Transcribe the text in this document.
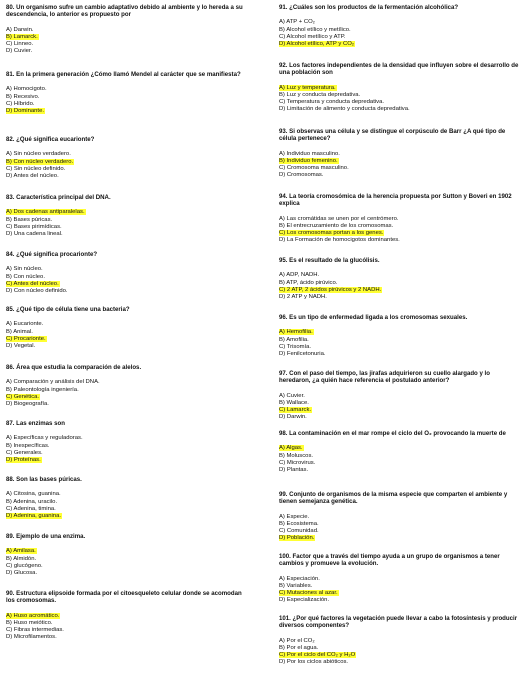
80. Un organismo sufre un cambio adaptativo debido al ambiente y lo hereda a su descendencia, lo anterior es propuesto por

A) Darwin.

B) Lamarck.

C) Linneo.

D) Cuvier.

81. En la primera generación ¿Cómo llamó Mendel al carácter que se manifiesta?

A) Homocigoto.

B) Recesivo.

C) Híbrido.

D) Dominante.

82. ¿Qué significa eucarionte?

A) Sin núcleo verdadero.

B) Con núcleo verdadero.

C) Sin núcleo definido.

D) Antes del núcleo.

83. Característica principal del DNA.

A) Dos cadenas antiparalelas.

B) Bases púricas.

C) Bases pirimídicas.

D) Una cadena lineal.

84. ¿Qué significa procarionte?

A) Sin núcleo.

B) Con núcleo.

C) Antes del núcleo.

D) Con núcleo definido.

85. ¿Qué tipo de célula tiene una bacteria?

A) Eucarionte.

B) Animal.

C) Procarionte.

D) Vegetal.

86. Área que estudia la comparación de alelos.

A) Comparación y análisis del DNA.

B) Paleontología ingeniería.

C) Genética.

D) Biogeografía.

87. Las enzimas son

A) Específicas y reguladoras.

B) Inespecíficas.

C) Generales.

D) Proteínas.

88. Son las bases púricas.

A) Citosina, guanina.

B) Adenina, uracilo.

C) Adenina, timina.

D) Adenina, guanina.

89. Ejemplo de una enzima.

A) Amilasa.

B) Almidón.

C) glucógeno.

D) Glucosa.

90. Estructura elipsoide formada por el citoesqueleto celular donde se acomodan los cromosomas.

A) Huso acromático.

B) Huso meiótico.

C) Fibras intermedias.

D) Microfilamentos.

91. ¿Cuáles son los productos de la fermentación alcohólica?

A) ATP + CO₂

B) Alcohol etílico y metílico.

C) Alcohol metílico y ATP.

D) Alcohol etílico, ATP y CO₂

92. Los factores independientes de la densidad que influyen sobre el desarrollo de una población son

A) Luz y temperatura.

B) Luz y conducta depredativa.

C) Temperatura y conducta depredativa.

D) Limitación de alimento y conducta depredativa.

93. Si observas una célula y se distingue el corpúsculo de Barr ¿A qué tipo de célula pertenece?

A) Individuo masculino.

B) Individuo femenino.

C) Cromosoma masculino.

D) Cromosomas.

94. La teoría cromosómica de la herencia propuesta por Sutton y Boveri en 1902 explica

A) Las cromátidas se unen por el centrómero.

B) El entrecruzamiento de los cromosomas.

C) Los cromosomas portan a los genes.

D) La Formación de homocigotos dominantes.

95. Es el resultado de la glucólisis.

A) ADP, NADH.

B) ATP, ácido pirúvico.

C) 2 ATP, 2 ácidos pirúvicos y 2 NADH.

D) 2 ATP y NADH.

96. Es un tipo de enfermedad ligada a los cromosomas sexuales.

A) Hemofilia.

B) Amofilia.

C) Trisomía.

D) Fenilcetonuria.

97. Con el paso del tiempo, las jirafas adquirieron su cuello alargado y lo heredaron, ¿a quién hace referencia el postulado anterior?

A) Cuvier.

B) Wallace.

C) Lamarck.

D) Darwin.

98. La contaminación en el mar rompe el ciclo del O₂ provocando la muerte de

A) Algas.

B) Moluscos.

C) Microvirus.

D) Plantas.

99. Conjunto de organismos de la misma especie que comparten el ambiente y tienen semejanza genética.

A) Especie.

B) Ecosistema.

C) Comunidad.

D) Población.

100. Factor que a través del tiempo ayuda a un grupo de organismos a tener cambios y promueve la evolución.

A) Especiación.

B) Variables.

C) Mutaciones al azar.

D) Especialización.

101. ¿Por qué factores la vegetación puede llevar a cabo la fotosíntesis y producir diversos componentes?

A) Por el CO₂

B) Por el agua.

C) Por el ciclo del CO₂ y H₂O

D) Por los ciclos abióticos.
